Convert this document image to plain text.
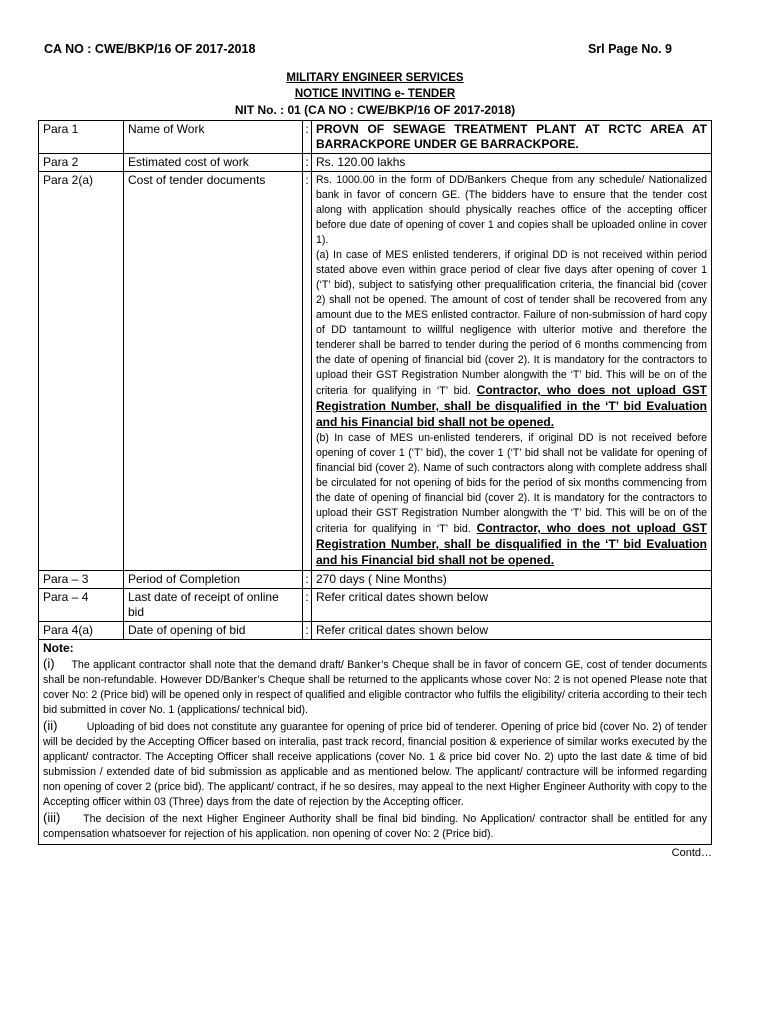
CA NO : CWE/BKP/16 OF 2017-2018	Srl Page No. 9
MILITARY ENGINEER SERVICES
NOTICE INVITING e- TENDER
NIT No. : 01 (CA NO : CWE/BKP/16 OF 2017-2018)
Para 1	Name of Work	:	PROVN OF SEWAGE TREATMENT PLANT AT RCTC AREA AT BARRACKPORE UNDER GE BARRACKPORE.
Para 2	Estimated cost of work	:	Rs. 120.00 lakhs
Para 2(a)	Cost of tender documents	:	Rs. 1000.00 in the form of DD/Bankers Cheque from any schedule/ Nationalized bank in favor of concern GE. (The bidders have to ensure that the tender cost along with application should physically reaches office of the accepting officer before due date of opening of cover 1 and copies shall be uploaded online in cover 1).
(a) In case of MES enlisted tenderers, if original DD is not received within period stated above even within grace period of clear five days after opening of cover 1 (‘T’ bid), subject to satisfying other prequalification criteria, the financial bid (cover 2) shall not be opened. The amount of cost of tender shall be recovered from any amount due to the MES enlisted contractor. Failure of non-submission of hard copy of DD tantamount to willful negligence with ulterior motive and therefore the tenderer shall be barred to tender during the period of 6 months commencing from the date of opening of financial bid (cover 2). It is mandatory for the contractors to upload their GST Registration Number alongwith the ‘T’ bid. This will be on of the criteria for qualifying in ‘T’ bid. Contractor, who does not upload GST Registration Number, shall be disqualified in the ‘T’ bid Evaluation and his Financial bid shall not be opened.
(b) In case of MES un-enlisted tenderers, if original DD is not received before opening of cover 1 (‘T’ bid), the cover 1 (‘T’ bid shall not be validate for opening of financial bid (cover 2). Name of such contractors along with complete address shall be circulated for not opening of bids for the period of six months commencing from the date of opening of financial bid (cover 2). It is mandatory for the contractors to upload their GST Registration Number alongwith the ‘T’ bid. This will be on of the criteria for qualifying in ‘T’ bid. Contractor, who does not upload GST Registration Number, shall be disqualified in the ‘T’ bid Evaluation and his Financial bid shall not be opened.

Para – 3	Period of Completion	:	270 days ( Nine Months)
Para – 4	Last date of receipt of online bid	:	Refer critical dates shown below
Para 4(a)	Date of opening of bid	:	Refer critical dates shown below

Note:
(i) The applicant contractor shall note that the demand draft/ Banker’s Cheque shall be in favor of concern GE, cost of tender documents shall be non-refundable. However DD/Banker’s Cheque shall be returned to the applicants whose cover No: 2 is not opened Please note that cover No: 2 (Price bid) will be opened only in respect of qualified and eligible contractor who fulfils the eligibility/ criteria according to their tech bid submitted in cover No. 1 (applications/ technical bid).
(ii) Uploading of bid does not constitute any guarantee for opening of price bid of tenderer. Opening of price bid (cover No. 2) of tender will be decided by the Accepting Officer based on interalia, past track record, financial position & experience of similar works executed by the applicant/ contractor. The Accepting Officer shall receive applications (cover No. 1 & price bid cover No. 2) upto the last date & time of bid submission / extended date of bid submission as applicable and as mentioned below. The applicant/ contracture will be informed regarding non opening of cover 2 (price bid). The applicant/ contract, if he so desires, may appeal to the next Higher Engineer Authority with copy to the Accepting officer within 03 (Three) days from the date of rejection by the Accepting officer.
(iii) The decision of the next Higher Engineer Authority shall be final bid binding. No Application/ contractor shall be entitled for any compensation whatsoever for rejection of his application. non opening of cover No: 2 (Price bid).			
Contd…
